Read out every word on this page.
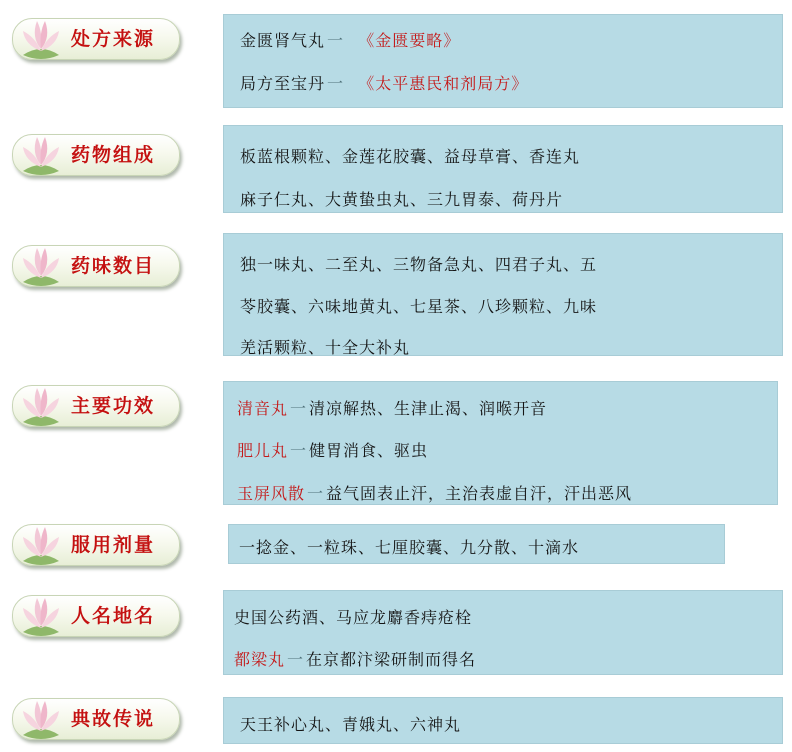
处方来源	金匮肾气丸 一 《金匮要略》
局方至宝丹 一 《太平惠民和剂局方》
药物组成	板蓝根颗粒、金莲花胶囊、益母草膏、香连丸
麻子仁丸、大黄蛰虫丸、三九胃泰、荷丹片
药味数目	独一味丸、二至丸、三物备急丸、四君子丸、五
苓胶囊、六味地黄丸、七星茶、八珍颗粒、九味
羌活颗粒、十全大补丸
主要功效	清音丸 一 清凉解热、生津止渴、润喉开音
肥儿丸 一 健胃消食、驱虫
玉屏风散 一 益气固表止汗，主治表虚自汗，汗出恶风
服用剂量	一捻金、一粒珠、七厘胶囊、九分散、十滴水
人名地名	史国公药酒、马应龙麝香痔疮栓
都梁丸 一 在京都汴梁研制而得名
典故传说	天王补心丸、青娥丸、六神丸
